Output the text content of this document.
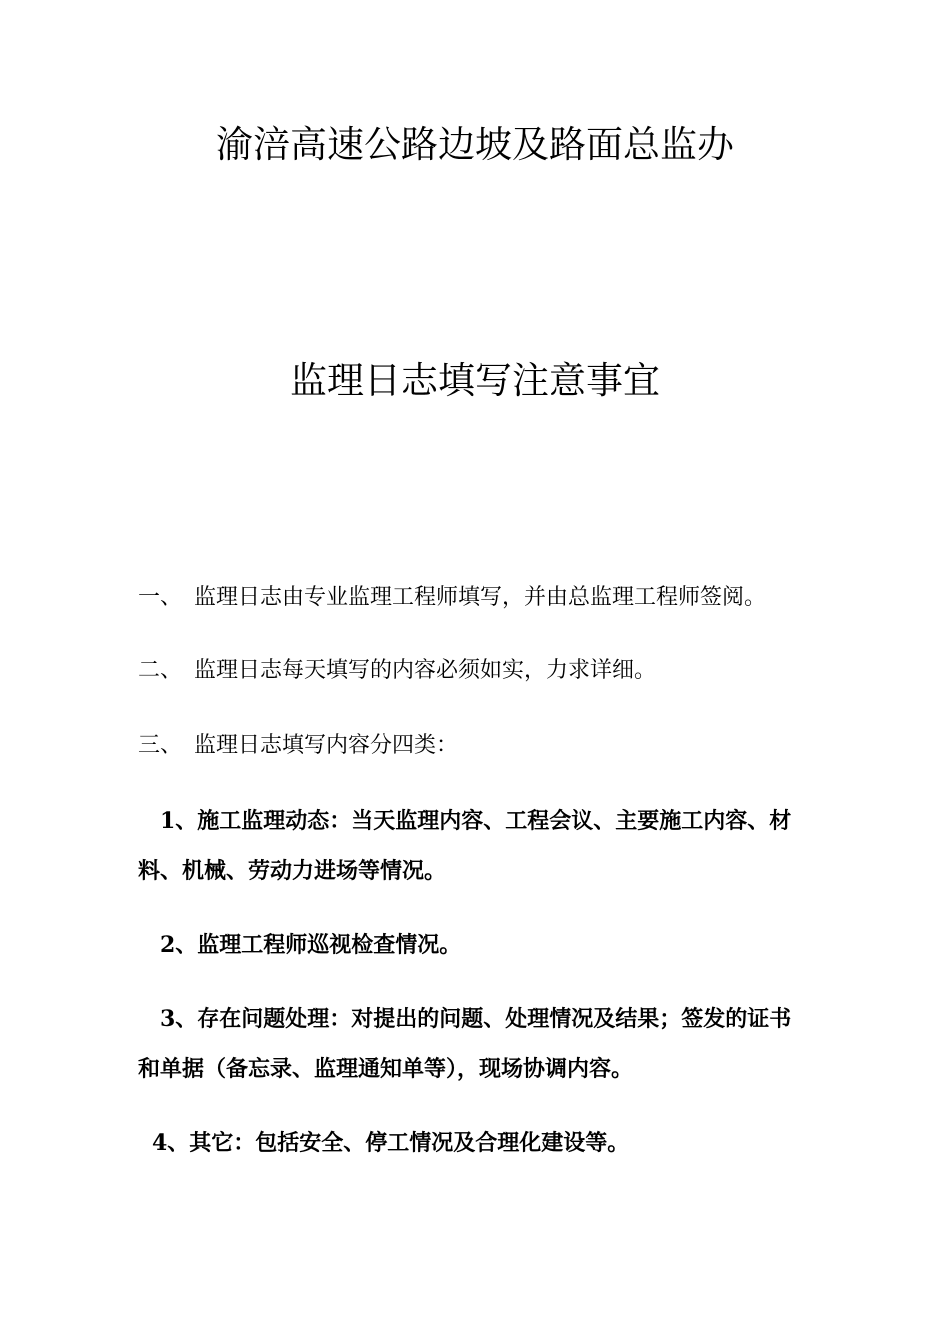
渝涪高速公路边坡及路面总监办
监理日志填写注意事宜
一、 监理日志由专业监理工程师填写，并由总监理工程师签阅。
二、 监理日志每天填写的内容必须如实，力求详细。
三、 监理日志填写内容分四类：
1、施工监理动态：当天监理内容、工程会议、主要施工内容、材
料、机械、劳动力进场等情况。
2、监理工程师巡视检查情况。
3、存在问题处理：对提出的问题、处理情况及结果；签发的证书
和单据（备忘录、监理通知单等），现场协调内容。
4、其它：包括安全、停工情况及合理化建设等。
